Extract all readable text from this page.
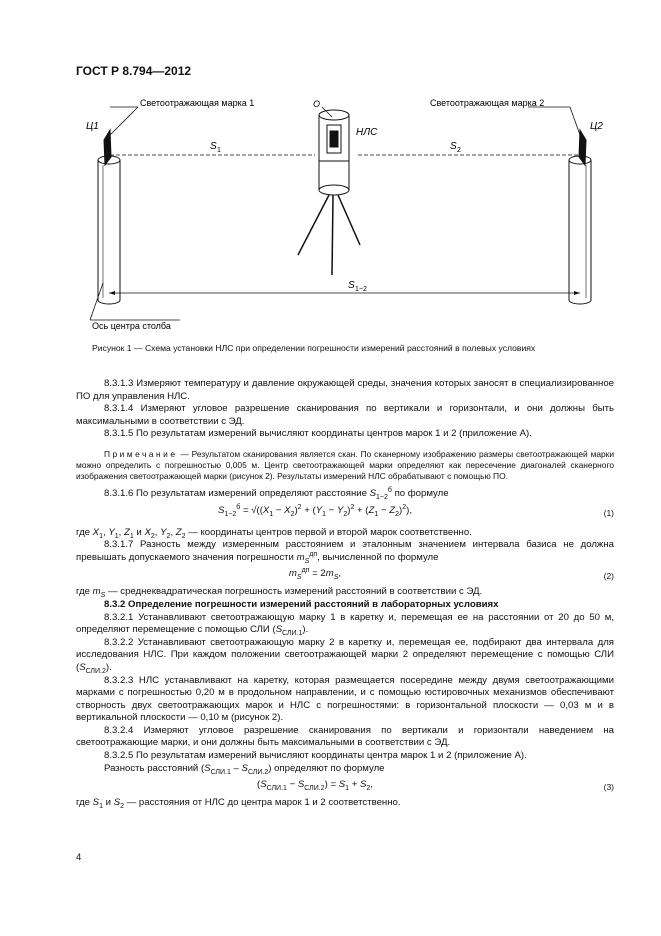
ГОСТ Р 8.794—2012
Светоотражающая марка 1	Светоотражающая марка 2
Ц1	Ц2
О
НЛС
S 1	S 2
S 1−2
Ось центра столба
Рисунок 1 — Схема установки НЛС при определении погрешности измерений расстояний в полевых условиях

8.3.1.3 Измеряют температуру и давление окружающей среды, значения которых заносят в специализированное ПО для управления НЛС.

8.3.1.4 Измеряют угловое разрешение сканирования по вертикали и горизонтали, и они должны быть максимальными в соответствии с ЭД.

8.3.1.5 По результатам измерений вычисляют координаты центров марок 1 и 2 (приложение А).

Примечание — Результатом сканирования является скан. По сканерному изображению размеры светоотражающей марки можно определить с погрешностью 0,005 м. Центр светоотражающей марки определяют как пересечение диагоналей сканерного изображения светоотражающей марки (рисунок 2). Результаты измерений НЛС обрабатывают с помощью ПО.

8.3.1.6 По результатам измерений определяют расстояние $S_{1-2}^б$ по формуле

$S_{1-2}^б = √((X_1 - X_2)^2 + (Y_1 - Y_2)^2 + (Z_1 - Z_2)^2)$,	(1)

где $X_1$, $Y_1$, $Z_1$ и $X_2$, $Y_2$, $Z_2$ — координаты центров первой и второй марок соответственно.

8.3.1.7 Разность между измеренным расстоянием и эталонным значением интервала базиса не должна превышать допускаемого значения погрешности $m_S^{дп}$, вычисленной по формуле

$m_S^{дп} = 2m_S$,	(2)

где $m_S$ — среднеквадратическая погрешность измерений расстояний в соответствии с ЭД.

8.3.2 Определение погрешности измерений расстояний в лабораторных условиях

8.3.2.1 Устанавливают светоотражающую марку 1 в каретку и, перемещая ее на расстоянии от 20 до 50 м, определяют перемещение с помощью СЛИ $(S_{СЛИ.1})$.

8.3.2.2 Устанавливают светоотражающую марку 2 в каретку и, перемещая ее, подбирают два интервала для исследования НЛС. При каждом положении светоотражающей марки 2 определяют перемещение с помощью СЛИ $(S_{СЛИ.2})$.

8.3.2.3 НЛС устанавливают на каретку, которая размещается посередине между двумя светоотражающими марками с погрешностью 0,20 м в продольном направлении, и с помощью юстировочных механизмов обеспечивают створность двух светоотражающих марок и НЛС с погрешностями: в горизонтальной плоскости — 0,03 м и в вертикальной плоскости — 0,10 м (рисунок 2).

8.3.2.4 Измеряют угловое разрешение сканирования по вертикали и горизонтали наведением на светоотражающие марки, и они должны быть максимальными в соответствии с ЭД.

8.3.2.5 По результатам измерений вычисляют координаты центра марок 1 и 2 (приложение А).

Разность расстояний $(S_{СЛИ.1} - S_{СЛИ.2})$ определяют по формуле

$(S_{СЛИ.1} - S_{СЛИ.2}) = S_1 + S_2$,	(3)

где $S_1$ и $S_2$ — расстояния от НЛС до центра марок 1 и 2 соответственно.

4
